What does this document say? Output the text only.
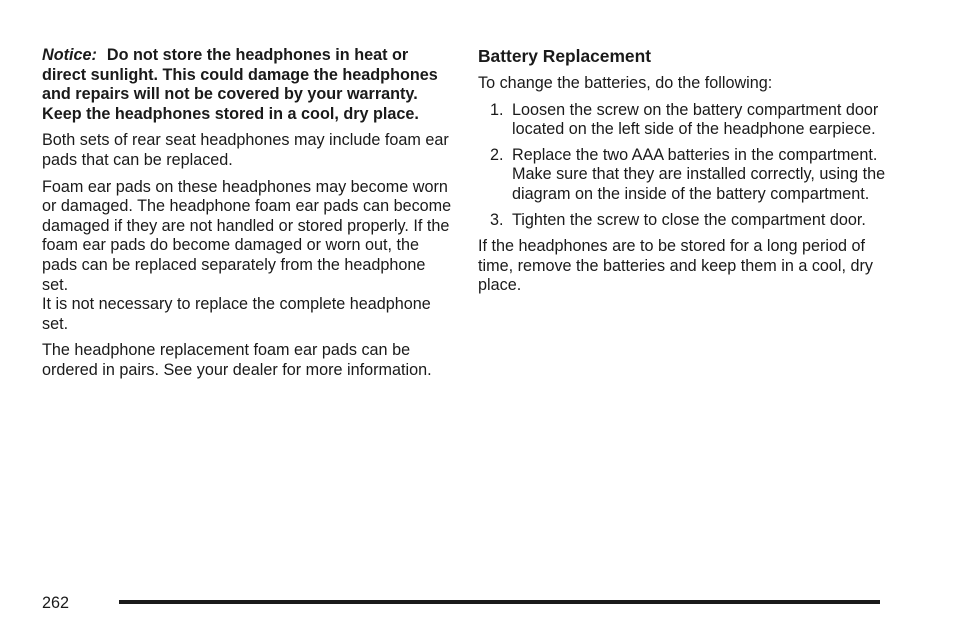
Notice: Do not store the headphones in heat or direct sunlight. This could damage the headphones and repairs will not be covered by your warranty. Keep the headphones stored in a cool, dry place.

Both sets of rear seat headphones may include foam ear pads that can be replaced.

Foam ear pads on these headphones may become worn or damaged. The headphone foam ear pads can become damaged if they are not handled or stored properly. If the foam ear pads do become damaged or worn out, the pads can be replaced separately from the headphone set.

It is not necessary to replace the complete headphone set.

The headphone replacement foam ear pads can be ordered in pairs. See your dealer for more information.

Battery Replacement

To change the batteries, do the following:

1. Loosen the screw on the battery compartment door located on the left side of the headphone earpiece.
2. Replace the two AAA batteries in the compartment. Make sure that they are installed correctly, using the diagram on the inside of the battery compartment.
3. Tighten the screw to close the compartment door.

If the headphones are to be stored for a long period of time, remove the batteries and keep them in a cool, dry place.

262
